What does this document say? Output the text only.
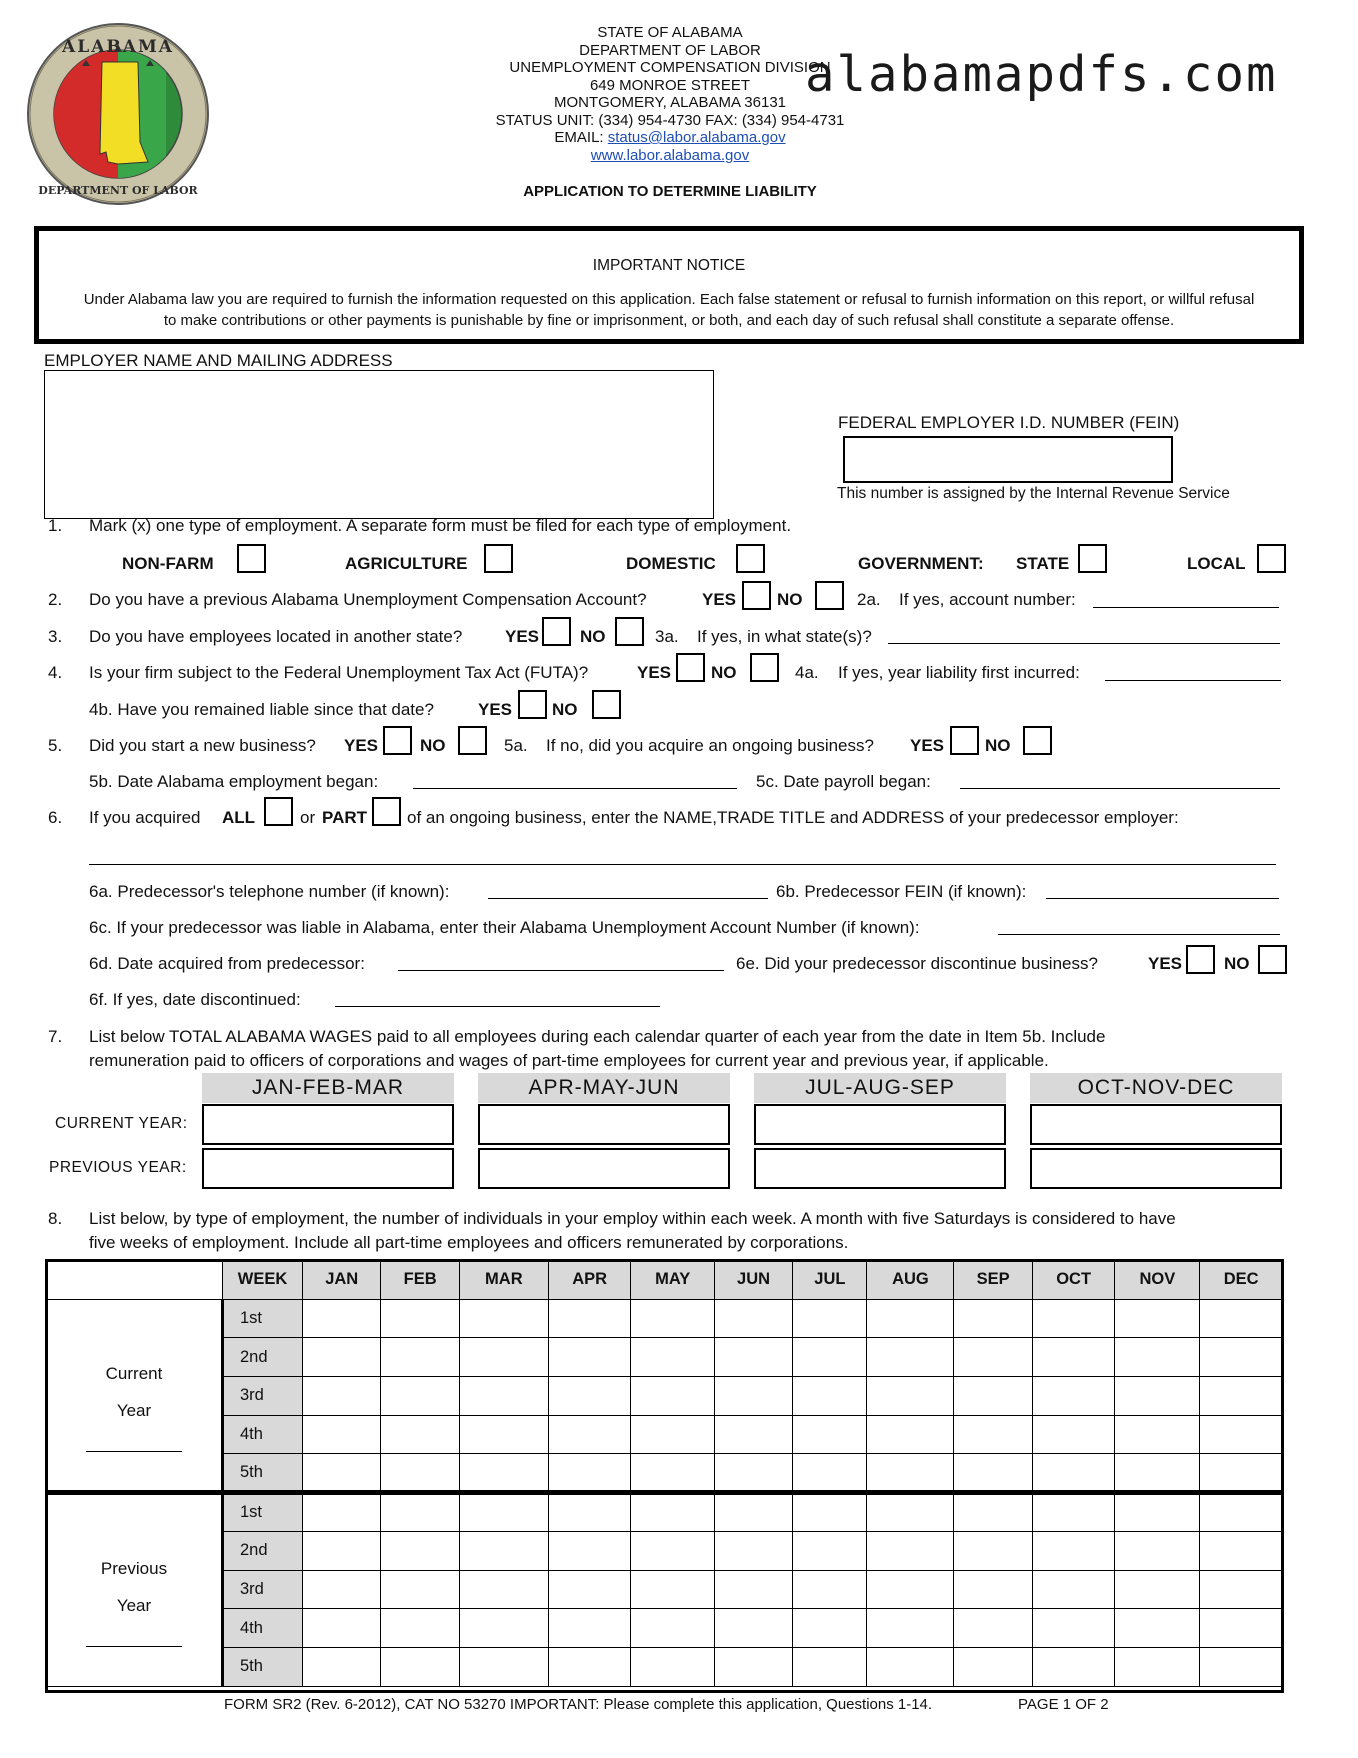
ALABAMA
DEPARTMENT OF LABOR
STATE OF ALABAMA
DEPARTMENT OF LABOR
UNEMPLOYMENT COMPENSATION DIVISION
649 MONROE STREET
MONTGOMERY, ALABAMA 36131
STATUS UNIT: (334) 954-4730 FAX: (334) 954-4731
EMAIL: status@labor.alabama.gov
www.labor.alabama.gov
alabamapdfs.com
APPLICATION TO DETERMINE LIABILITY
IMPORTANT NOTICE
Under Alabama law you are required to furnish the information requested on this application. Each false statement or refusal to furnish information on this report, or willful refusal to make contributions or other payments is punishable by fine or imprisonment, or both, and each day of such refusal shall constitute a separate offense.
EMPLOYER NAME AND MAILING ADDRESS
FEDERAL EMPLOYER I.D. NUMBER (FEIN)
This number is assigned by the Internal Revenue Service
1. Mark (x) one type of employment. A separate form must be filed for each type of employment.
NON-FARM	AGRICULTURE	DOMESTIC	GOVERNMENT: STATE	LOCAL
2. Do you have a previous Alabama Unemployment Compensation Account?	YES NO	2a. If yes, account number:
3. Do you have employees located in another state?	YES NO	3a. If yes, in what state(s)?
4. Is your firm subject to the Federal Unemployment Tax Act (FUTA)?	YES NO	4a. If yes, year liability first incurred:
4b. Have you remained liable since that date?	YES NO
5. Did you start a new business? YES NO	5a. If no, did you acquire an ongoing business? YES NO
5b. Date Alabama employment began:	5c. Date payroll began:
6. If you acquired ALL	or PART of an ongoing business, enter the NAME,TRADE TITLE and ADDRESS of your predecessor employer:
6a. Predecessor's telephone number (if known):	6b. Predecessor FEIN (if known):
6c. If your predecessor was liable in Alabama, enter their Alabama Unemployment Account Number (if known):
6d. Date acquired from predecessor:	6e. Did your predecessor discontinue business?	YES NO
6f. If yes, date discontinued:
7. List below TOTAL ALABAMA WAGES paid to all employees during each calendar quarter of each year from the date in Item 5b. Include
remuneration paid to officers of corporations and wages of part-time employees for current year and previous year, if applicable.
JAN-FEB-MAR	APR-MAY-JUN	JUL-AUG-SEP	OCT-NOV-DEC
CURRENT YEAR:
PREVIOUS YEAR:
8. List below, by type of employment, the number of individuals in your employ within each week. A month with five Saturdays is considered to have
five weeks of employment. Include all part-time employees and officers remunerated by corporations.
	WEEK	JAN	FEB	MAR	APR	MAY	JUN	JUL	AUG	SEP	OCT	NOV	DEC

Current
Year	1st												
	2nd												
	3rd												
	4th												
	5th												

Previous
Year	1st												
	2nd												
	3rd												
	4th												
	5th												
FORM SR2 (Rev. 6-2012), CAT NO 53270 IMPORTANT: Please complete this application, Questions 1-14.	PAGE 1 OF 2
